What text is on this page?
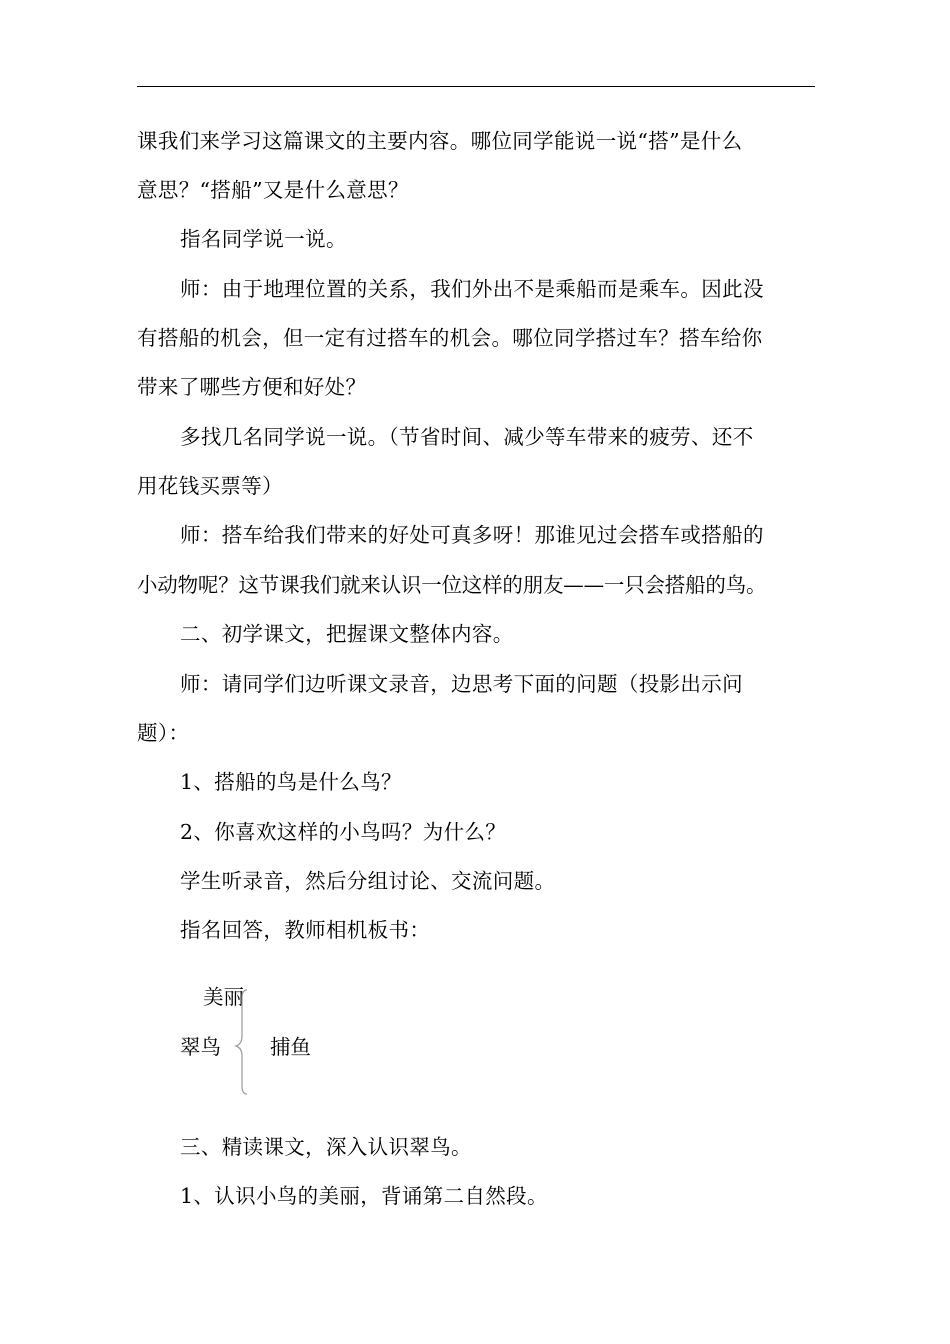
课我们来学习这篇课文的主要内容。哪位同学能说一说“搭”是什么
意思？“搭船”又是什么意思？
指名同学说一说。
师：由于地理位置的关系，我们外出不是乘船而是乘车。因此没
有搭船的机会，但一定有过搭车的机会。哪位同学搭过车？搭车给你
带来了哪些方便和好处？
多找几名同学说一说。（节省时间、减少等车带来的疲劳、还不
用花钱买票等）
师：搭车给我们带来的好处可真多呀！那谁见过会搭车或搭船的
小动物呢？这节课我们就来认识一位这样的朋友——一只会搭船的鸟。
二、初学课文，把握课文整体内容。
师：请同学们边听课文录音，边思考下面的问题（投影出示问
题）：
1、搭船的鸟是什么鸟？
2、你喜欢这样的小鸟吗？为什么？
学生听录音，然后分组讨论、交流问题。
指名回答，教师相机板书：
美丽
翠鸟 捕鱼
三、精读课文，深入认识翠鸟。
1、认识小鸟的美丽，背诵第二自然段。
